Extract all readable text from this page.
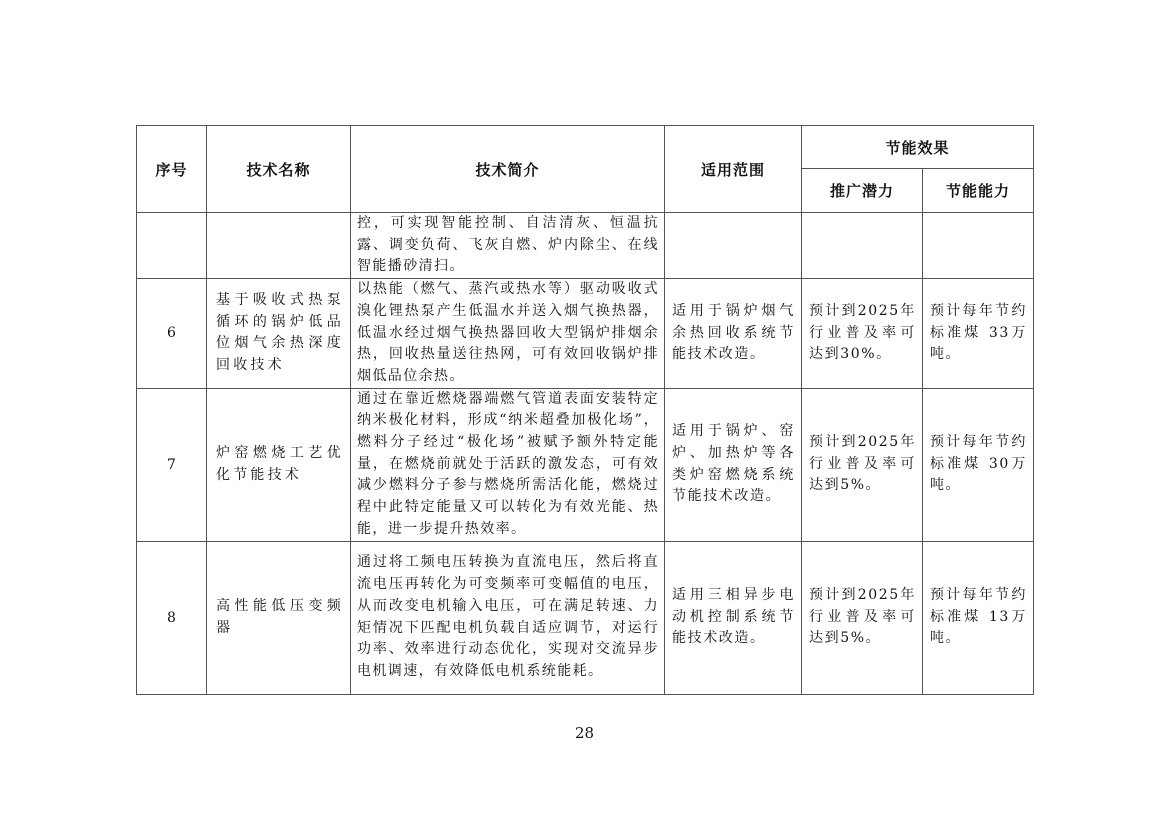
序号	技术名称	技术简介	适用范围	节能效果	
				推广潜力	节能能力

		控，可实现智能控制、自洁清灰、恒温抗露、调变负荷、飞灰自燃、炉内除尘、在线智能播砂清扫。			

6	基于吸收式热泵循环的锅炉低品位烟气余热深度回收技术	以热能（燃气、蒸汽或热水等）驱动吸收式溴化锂热泵产生低温水并送入烟气换热器，低温水经过烟气换热器回收大型锅炉排烟余热，回收热量送往热网，可有效回收锅炉排烟低品位余热。	适用于锅炉烟气余热回收系统节能技术改造。	预计到2025年行业普及率可达到30%。	预计每年节约标准煤 33万吨。

7	炉窑燃烧工艺优化节能技术	通过在靠近燃烧器端燃气管道表面安装特定纳米极化材料，形成“纳米超叠加极化场”，燃料分子经过“极化场”被赋予额外特定能量，在燃烧前就处于活跃的激发态，可有效减少燃料分子参与燃烧所需活化能，燃烧过程中此特定能量又可以转化为有效光能、热能，进一步提升热效率。	适用于锅炉、窑炉、加热炉等各类炉窑燃烧系统节能技术改造。	预计到2025年行业普及率可达到5%。	预计每年节约标准煤 30万吨。

8	高性能低压变频器	通过将工频电压转换为直流电压，然后将直流电压再转化为可变频率可变幅值的电压，从而改变电机输入电压，可在满足转速、力矩情况下匹配电机负载自适应调节，对运行功率、效率进行动态优化，实现对交流异步电机调速，有效降低电机系统能耗。	适用三相异步电动机控制系统节能技术改造。	预计到2025年行业普及率可达到5%。	预计每年节约标准煤 13万吨。
28
